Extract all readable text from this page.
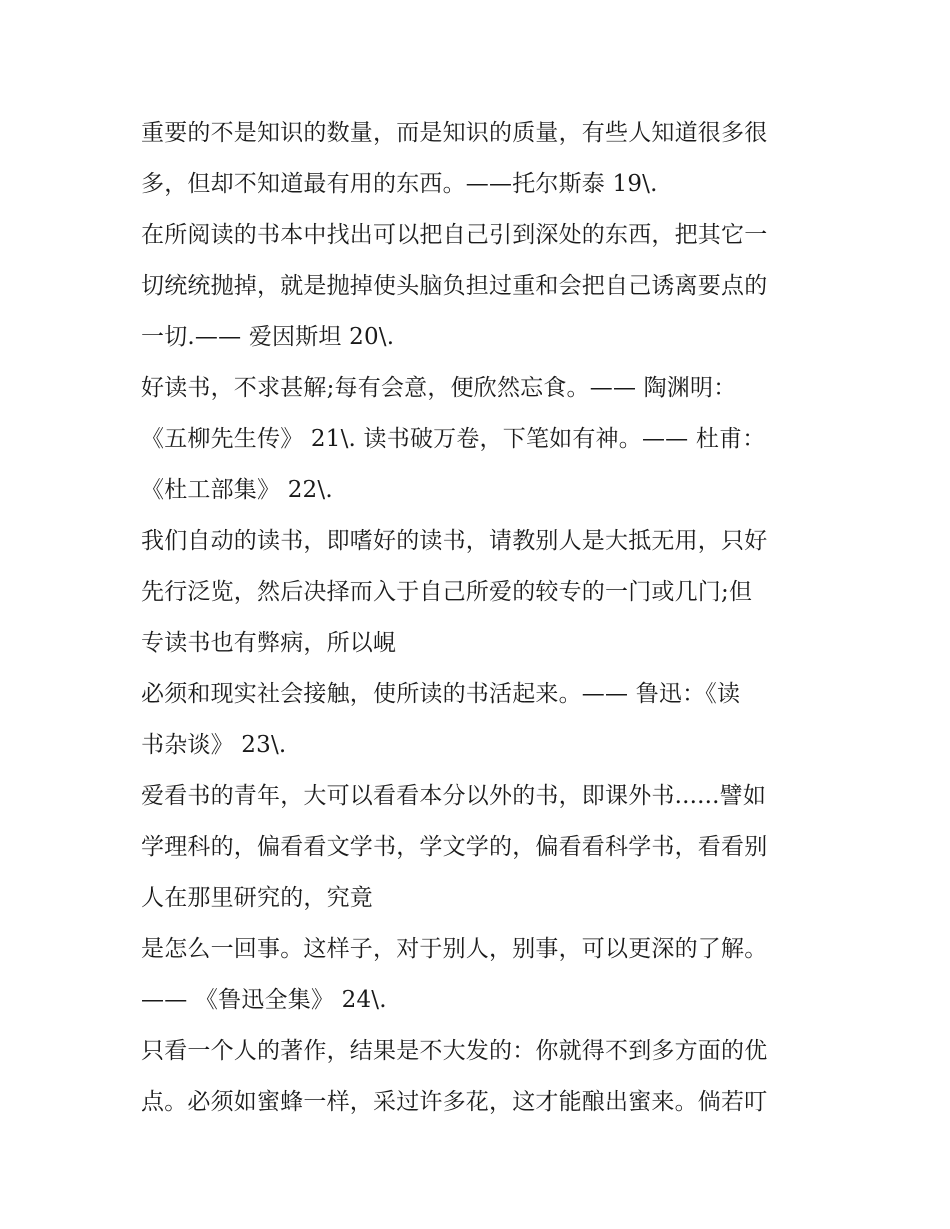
重要的不是知识的数量，而是知识的质量，有些人知道很多很
多，但却不知道最有用的东西。——托尔斯泰 19\.
在所阅读的书本中找出可以把自己引到深处的东西，把其它一
切统统抛掉，就是抛掉使头脑负担过重和会把自己诱离要点的
一切.—— 爱因斯坦 20\.
好读书，不求甚解;每有会意，便欣然忘食。—— 陶渊明：
《五柳先生传》 21\. 读书破万卷，下笔如有神。—— 杜甫：
《杜工部集》 22\.
我们自动的读书，即嗜好的读书，请教别人是大抵无用，只好
先行泛览，然后决择而入于自己所爱的较专的一门或几门;但
专读书也有弊病，所以峴
必须和现实社会接触，使所读的书活起来。—— 鲁迅：《读
书杂谈》 23\.
爱看书的青年，大可以看看本分以外的书，即课外书......譬如
学理科的，偏看看文学书，学文学的，偏看看科学书，看看别
人在那里研究的，究竟
是怎么一回事。这样子，对于别人，别事，可以更深的了解。
—— 《鲁迅全集》 24\.
只看一个人的著作，结果是不大发的：你就得不到多方面的优
点。必须如蜜蜂一样，采过许多花，这才能酿出蜜来。倘若叮
